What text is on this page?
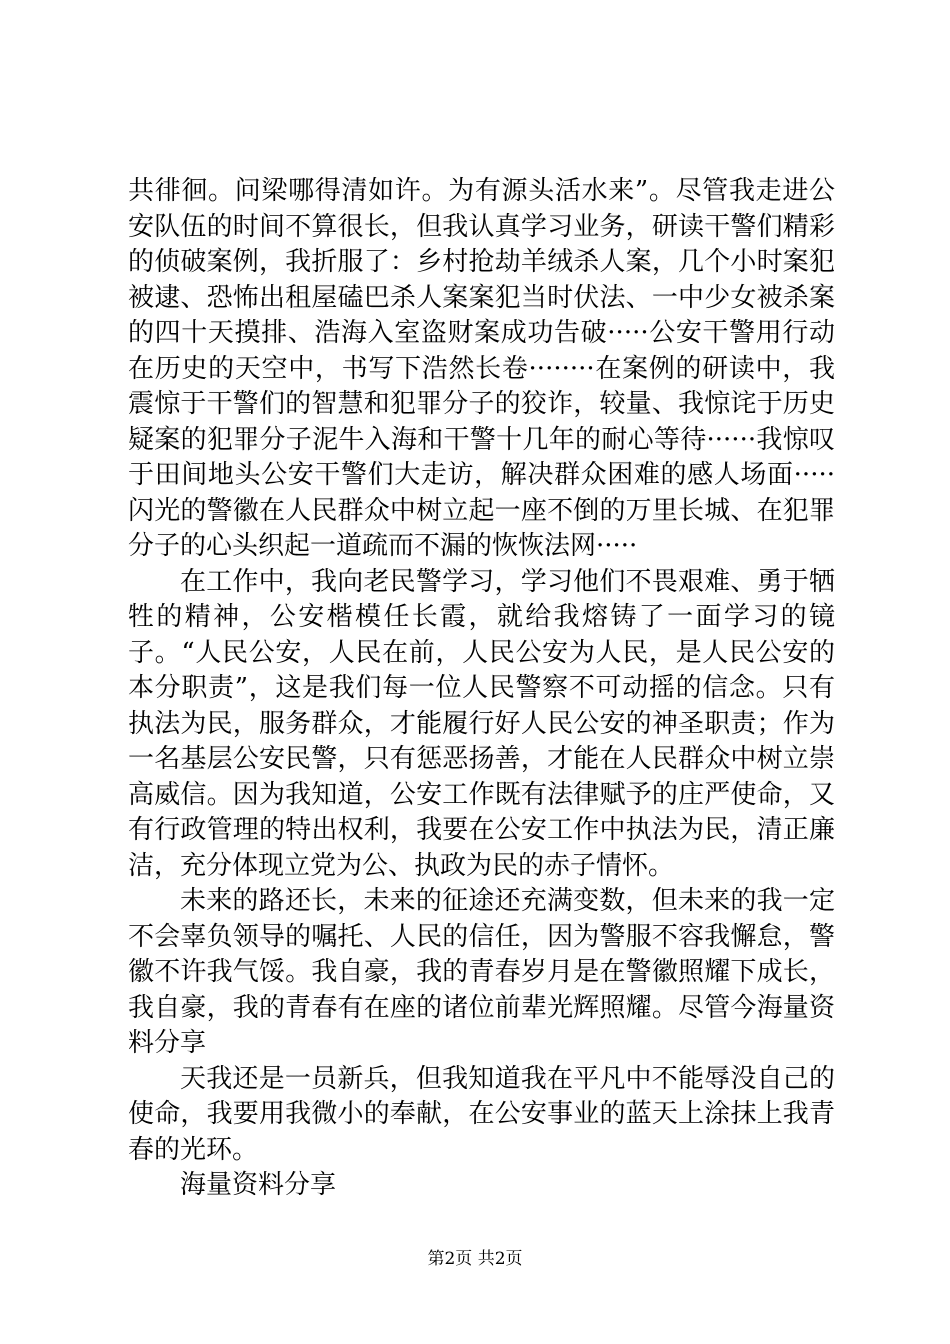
共徘徊。问梁哪得清如许。为有源头活水来”。尽管我走进公安队伍的时间不算很长，但我认真学习业务，研读干警们精彩的侦破案例，我折服了：乡村抢劫羊绒杀人案，几个小时案犯被逮、恐怖出租屋磕巴杀人案案犯当时伏法、一中少女被杀案的四十天摸排、浩海入室盗财案成功告破·····公安干警用行动在历史的天空中，书写下浩然长卷········在案例的研读中，我震惊于干警们的智慧和犯罪分子的狡诈，较量、我惊诧于历史疑案的犯罪分子泥牛入海和干警十几年的耐心等待······我惊叹于田间地头公安干警们大走访，解决群众困难的感人场面·····闪光的警徽在人民群众中树立起一座不倒的万里长城、在犯罪分子的心头织起一道疏而不漏的恢恢法网·····

在工作中，我向老民警学习，学习他们不畏艰难、勇于牺牲的精神，公安楷模任长霞，就给我熔铸了一面学习的镜子。“人民公安，人民在前，人民公安为人民，是人民公安的本分职责”，这是我们每一位人民警察不可动摇的信念。只有执法为民，服务群众，才能履行好人民公安的神圣职责；作为一名基层公安民警，只有惩恶扬善，才能在人民群众中树立崇高威信。因为我知道，公安工作既有法律赋予的庄严使命，又有行政管理的特出权利，我要在公安工作中执法为民，清正廉洁，充分体现立党为公、执政为民的赤子情怀。

未来的路还长，未来的征途还充满变数，但未来的我一定不会辜负领导的嘱托、人民的信任，因为警服不容我懈怠，警徽不许我气馁。我自豪，我的青春岁月是在警徽照耀下成长，我自豪，我的青春有在座的诸位前辈光辉照耀。尽管今海量资料分享

天我还是一员新兵，但我知道我在平凡中不能辱没自己的使命，我要用我微小的奉献，在公安事业的蓝天上涂抹上我青春的光环。

海量资料分享

第2页 共2页
